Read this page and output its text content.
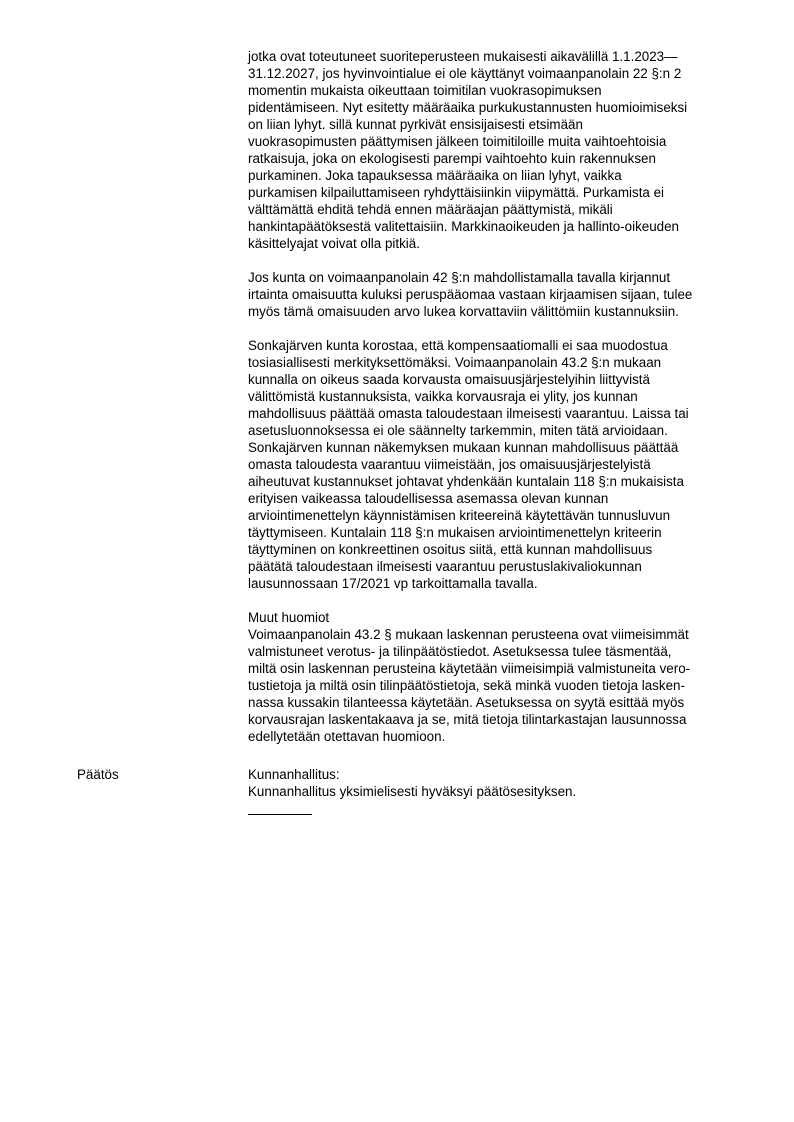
jotka ovat toteutuneet suoriteperusteen mukaisesti aikavälillä 1.1.2023—
31.12.2027, jos hyvinvointialue ei ole käyttänyt voimaanpanolain 22 §:n 2
momentin mukaista oikeuttaan toimitilan vuokrasopimuksen
pidentämiseen. Nyt esitetty määräaika purkukustannusten huomioimiseksi
on liian lyhyt. sillä kunnat pyrkivät ensisijaisesti etsimään
vuokrasopimusten päättymisen jälkeen toimitiloille muita vaihtoehtoisia
ratkaisuja, joka on ekologisesti parempi vaihtoehto kuin rakennuksen
purkaminen. Joka tapauksessa määräaika on liian lyhyt, vaikka
purkamisen kilpailuttamiseen ryhdyttäisiinkin viipymättä. Purkamista ei
välttämättä ehditä tehdä ennen määräajan päättymistä, mikäli
hankintapäätöksestä valitettaisiin. Markkinaoikeuden ja hallinto-oikeuden
käsittelyajat voivat olla pitkiä.
Jos kunta on voimaanpanolain 42 §:n mahdollistamalla tavalla kirjannut
irtainta omaisuutta kuluksi peruspääomaa vastaan kirjaamisen sijaan, tulee
myös tämä omaisuuden arvo lukea korvattaviin välittömiin kustannuksiin.
Sonkajärven kunta korostaa, että kompensaatiomalli ei saa muodostua
tosiasiallisesti merkityksettömäksi. Voimaanpanolain 43.2 §:n mukaan
kunnalla on oikeus saada korvausta omaisuusjärjestelyihin liittyvistä
välittömistä kustannuksista, vaikka korvausraja ei ylity, jos kunnan
mahdollisuus päättää omasta taloudestaan ilmeisesti vaarantuu. Laissa tai
asetusluonnoksessa ei ole säännelty tarkemmin, miten tätä arvioidaan.
Sonkajärven kunnan näkemyksen mukaan kunnan mahdollisuus päättää
omasta taloudesta vaarantuu viimeistään, jos omaisuusjärjestelyistä
aiheutuvat kustannukset johtavat yhdenkään kuntalain 118 §:n mukaisista
erityisen vaikeassa taloudellisessa asemassa olevan kunnan
arviointimenettelyn käynnistämisen kriteereinä käytettävän tunnusluvun
täyttymiseen. Kuntalain 118 §:n mukaisen arviointimenettelyn kriteerin
täyttyminen on konkreettinen osoitus siitä, että kunnan mahdollisuus
päätätä taloudestaan ilmeisesti vaarantuu perustuslakivaliokunnan
lausunnossaan 17/2021 vp tarkoittamalla tavalla.
Muut huomiot
Voimaanpanolain 43.2 § mukaan laskennan perusteena ovat viimeisimmät
valmistuneet verotus- ja tilinpäätöstiedot. Asetuksessa tulee täsmentää,
miltä osin laskennan perusteina käytetään viimeisimpiä valmistuneita vero-
tustietoja ja miltä osin tilinpäätöstietoja, sekä minkä vuoden tietoja lasken-
nassa kussakin tilanteessa käytetään. Asetuksessa on syytä esittää myös
korvausrajan laskentakaava ja se, mitä tietoja tilintarkastajan lausunnossa
edellytetään otettavan huomioon.
Päätös	Kunnanhallitus:
Kunnanhallitus yksimielisesti hyväksyi päätösesityksen.
